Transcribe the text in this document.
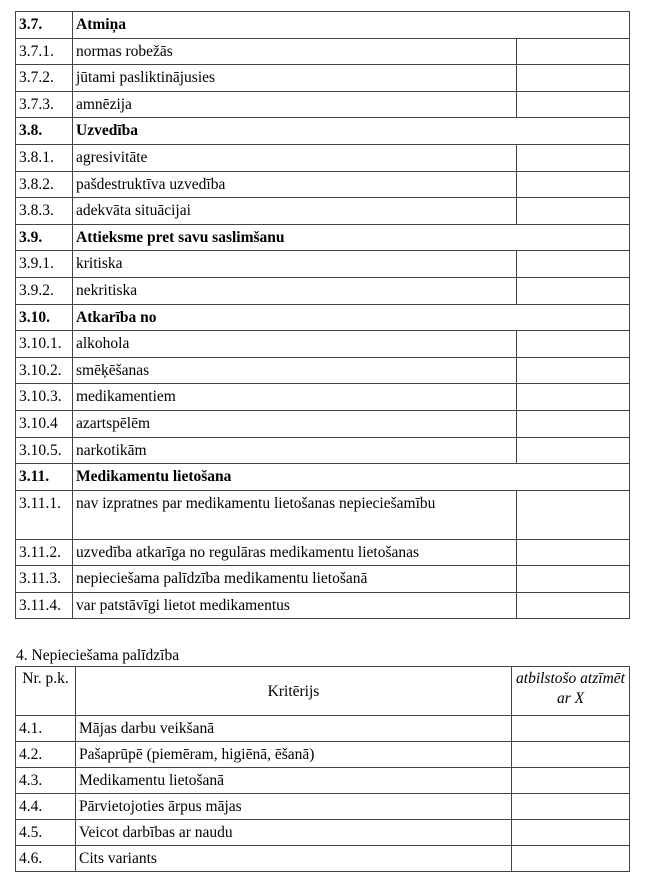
3.7.	Atmiņa	
3.7.1.	normas robežās	
3.7.2.	jūtami pasliktinājusies	
3.7.3.	amnēzija	
3.8.	Uzvedība	
3.8.1.	agresivitāte	
3.8.2.	pašdestruktīva uzvedība	
3.8.3.	adekvāta situācijai	
3.9.	Attieksme pret savu saslimšanu	
3.9.1.	kritiska	
3.9.2.	nekritiska	
3.10.	Atkarība no	
3.10.1.	alkohola	
3.10.2.	smēķēšanas	
3.10.3.	medikamentiem	
3.10.4	azartspēlēm	
3.10.5.	narkotikām	
3.11.	Medikamentu lietošana	
3.11.1.	nav izpratnes par medikamentu lietošanas nepieciešamību	
3.11.2.	uzvedība atkarīga no regulāras medikamentu lietošanas	
3.11.3.	nepieciešama palīdzība medikamentu lietošanā	
3.11.4.	var patstāvīgi lietot medikamentus	
4. Nepieciešama palīdzība
Nr. p.k.	Kritērijs	atbilstošo atzīmēt ar X
4.1.	Mājas darbu veikšanā	
4.2.	Pašaprūpē (piemēram, higiēnā, ēšanā)	
4.3.	Medikamentu lietošanā	
4.4.	Pārvietojoties ārpus mājas	
4.5.	Veicot darbības ar naudu	
4.6.	Cits variants	
